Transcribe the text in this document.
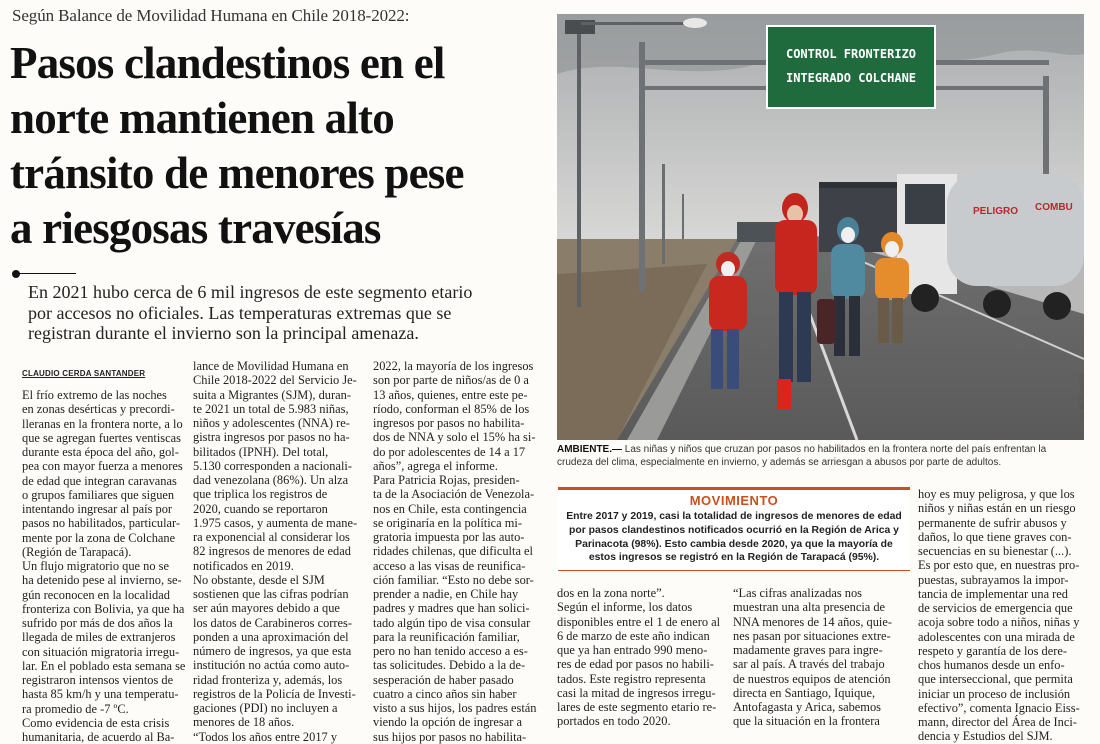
Según Balance de Movilidad Humana en Chile 2018-2022:
Pasos clandestinos en el
norte mantienen alto
tránsito de menores pese
a riesgosas travesías
En 2021 hubo cerca de 6 mil ingresos de este segmento etario
por accesos no oficiales. Las temperaturas extremas que se
registran durante el invierno son la principal amenaza.
CLAUDIO CERDA SANTANDER
El frío extremo de las noches
en zonas desérticas y precordi-
lleranas en la frontera norte, a lo
que se agregan fuertes ventiscas
durante esta época del año, gol-
pea con mayor fuerza a menores
de edad que integran caravanas
o grupos familiares que siguen
intentando ingresar al país por
pasos no habilitados, particular-
mente por la zona de Colchane
(Región de Tarapacá).
Un flujo migratorio que no se
ha detenido pese al invierno, se-
gún reconocen en la localidad
fronteriza con Bolivia, ya que ha
sufrido por más de dos años la
llegada de miles de extranjeros
con situación migratoria irregu-
lar. En el poblado esta semana se
registraron intensos vientos de
hasta 85 km/h y una temperatu-
ra promedio de -7 ºC.
Como evidencia de esta crisis
humanitaria, de acuerdo al Ba-
lance de Movilidad Humana en
Chile 2018-2022 del Servicio Je-
suita a Migrantes (SJM), duran-
te 2021 un total de 5.983 niñas,
niños y adolescentes (NNA) re-
gistra ingresos por pasos no ha-
bilitados (IPNH). Del total,
5.130 corresponden a nacionali-
dad venezolana (86%). Un alza
que triplica los registros de
2020, cuando se reportaron
1.975 casos, y aumenta de mane-
ra exponencial al considerar los
82 ingresos de menores de edad
notificados en 2019.
No obstante, desde el SJM
sostienen que las cifras podrían
ser aún mayores debido a que
los datos de Carabineros corres-
ponden a una aproximación del
número de ingresos, ya que esta
institución no actúa como auto-
ridad fronteriza y, además, los
registros de la Policía de Investi-
gaciones (PDI) no incluyen a
menores de 18 años.
“Todos los años entre 2017 y
2022, la mayoría de los ingresos
son por parte de niños/as de 0 a
13 años, quienes, entre este pe-
ríodo, conforman el 85% de los
ingresos por pasos no habilita-
dos de NNA y solo el 15% ha si-
do por adolescentes de 14 a 17
años”, agrega el informe.
Para Patricia Rojas, presiden-
ta de la Asociación de Venezola-
nos en Chile, esta contingencia
se originaría en la política mi-
gratoria impuesta por las auto-
ridades chilenas, que dificulta el
acceso a las visas de reunifica-
ción familiar. “Esto no debe sor-
prender a nadie, en Chile hay
padres y madres que han solici-
tado algún tipo de visa consular
para la reunificación familiar,
pero no han tenido acceso a es-
tas solicitudes. Debido a la de-
sesperación de haber pasado
cuatro a cinco años sin haber
visto a sus hijos, los padres están
viendo la opción de ingresar a
sus hijos por pasos no habilita-
dos en la zona norte”.
Según el informe, los datos
disponibles entre el 1 de enero al
6 de marzo de este año indican
que ya han entrado 990 meno-
res de edad por pasos no habili-
tados. Este registro representa
casi la mitad de ingresos irregu-
lares de este segmento etario re-
portados en todo 2020.
“Las cifras analizadas nos
muestran una alta presencia de
NNA menores de 14 años, quie-
nes pasan por situaciones extre-
madamente graves para ingre-
sar al país. A través del trabajo
de nuestros equipos de atención
directa en Santiago, Iquique,
Antofagasta y Arica, sabemos
que la situación en la frontera
hoy es muy peligrosa, y que los
niños y niñas están en un riesgo
permanente de sufrir abusos y
daños, lo que tiene graves con-
secuencias en su bienestar (...).
Es por esto que, en nuestras pro-
puestas, subrayamos la impor-
tancia de implementar una red
de servicios de emergencia que
acoja sobre todo a niños, niñas y
adolescentes con una mirada de
respeto y garantía de los dere-
chos humanos desde un enfo-
que interseccional, que permita
iniciar un proceso de inclusión
efectivo”, comenta Ignacio Eiss-
mann, director del Área de Inci-
dencia y Estudios del SJM.
CONTROL FRONTERIZO
INTEGRADO COLCHANE
PELIGRO COMBU
EL MERCURIO
AMBIENTE.— Las niñas y niños que cruzan por pasos no habilitados en la frontera norte del país enfrentan la
crudeza del clima, especialmente en invierno, y además se arriesgan a abusos por parte de adultos.
MOVIMIENTO
Entre 2017 y 2019, casi la totalidad de ingresos de menores de edad
por pasos clandestinos notificados ocurrió en la Región de Arica y
Parinacota (98%). Esto cambia desde 2020, ya que la mayoría de
estos ingresos se registró en la Región de Tarapacá (95%).
